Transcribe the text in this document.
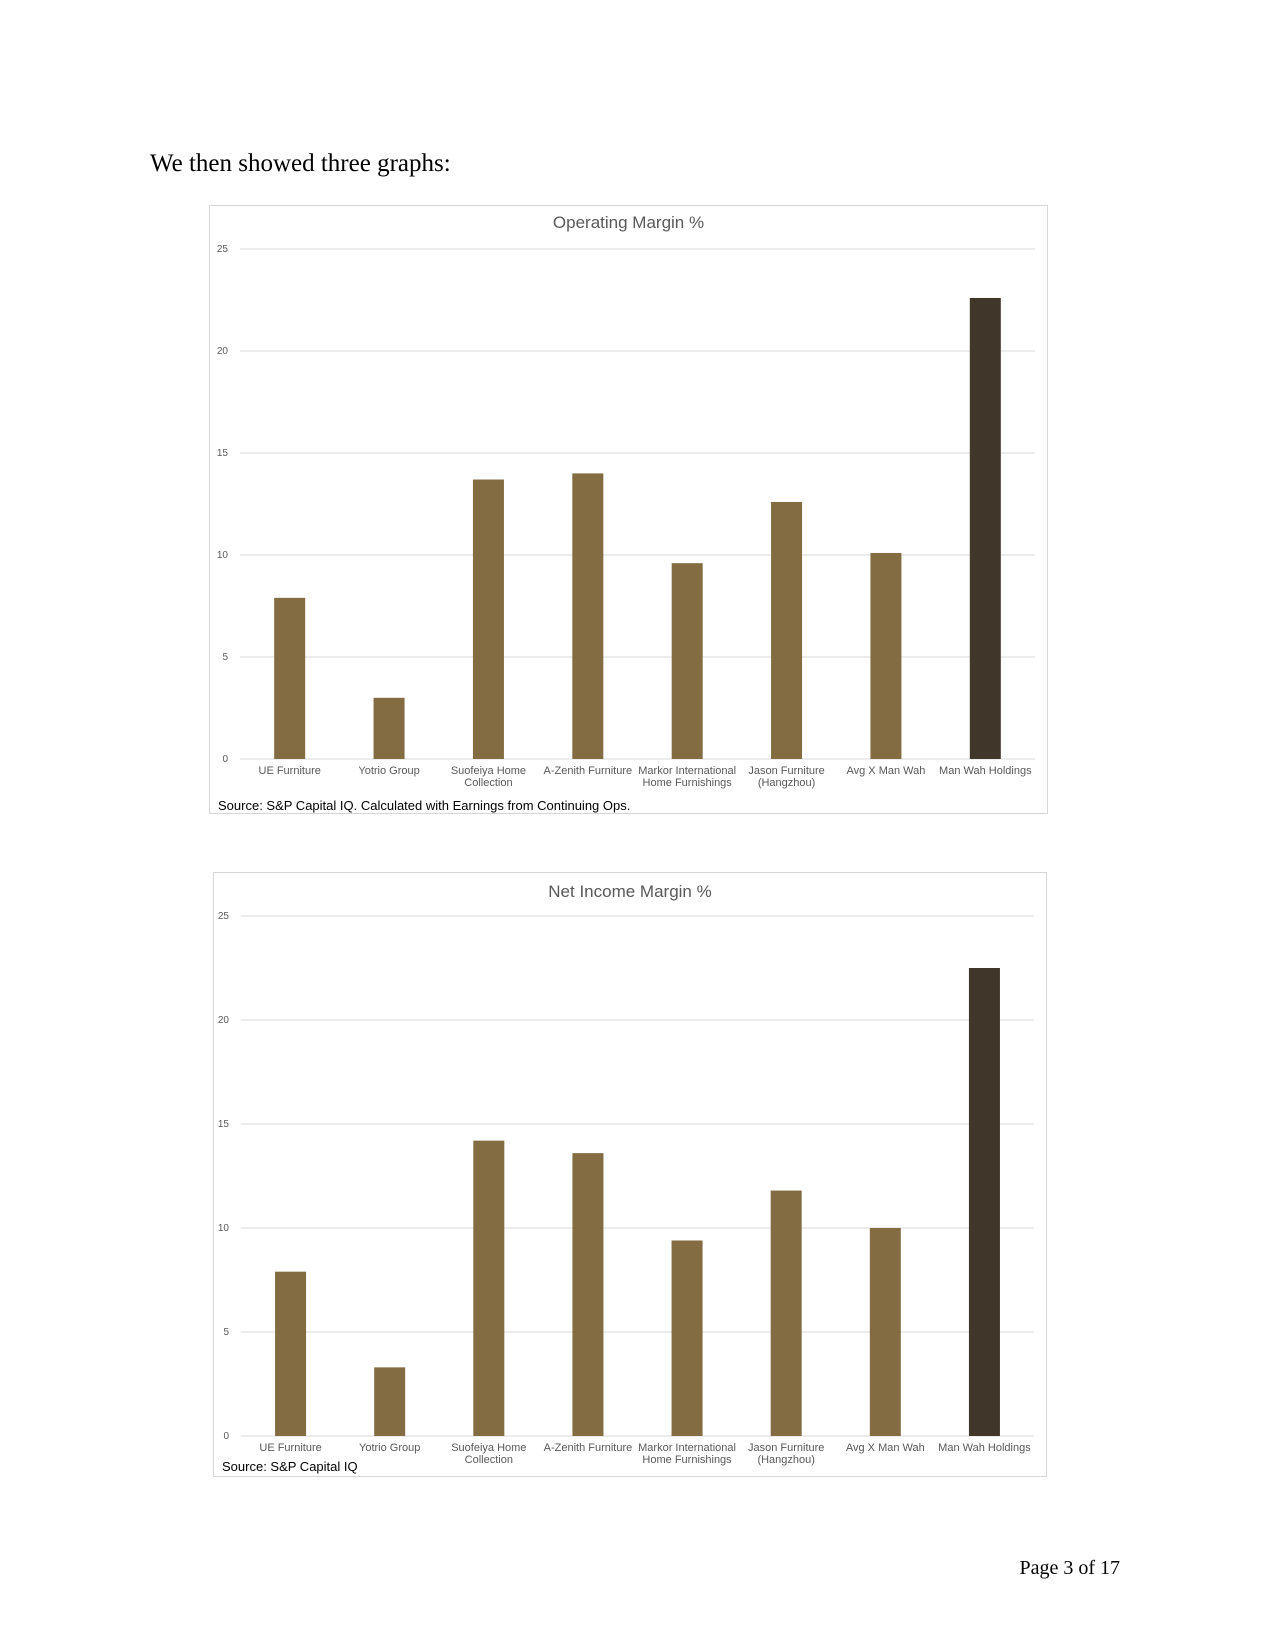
We then showed three graphs:
Operating Margin %
0
5
10
15
20
25
UE Furniture	Yotrio Group	Suofeiya Home Collection
A-Zenith Furniture Markor International Home Furnishings
Jason Furniture (Hangzhou)
Avg X Man Wah Man Wah Holdings
Source: S&P Capital IQ. Calculated with Earnings from Continuing Ops.
Net Income Margin %
0
5
10
15
20
25
UE Furniture	Yotrio Group	Suofeiya Home Collection
A-Zenith Furniture Markor International Home Furnishings
Jason Furniture (Hangzhou)
Avg X Man Wah Man Wah Holdings
Source: S&P Capital IQ
Page 3 of 17
